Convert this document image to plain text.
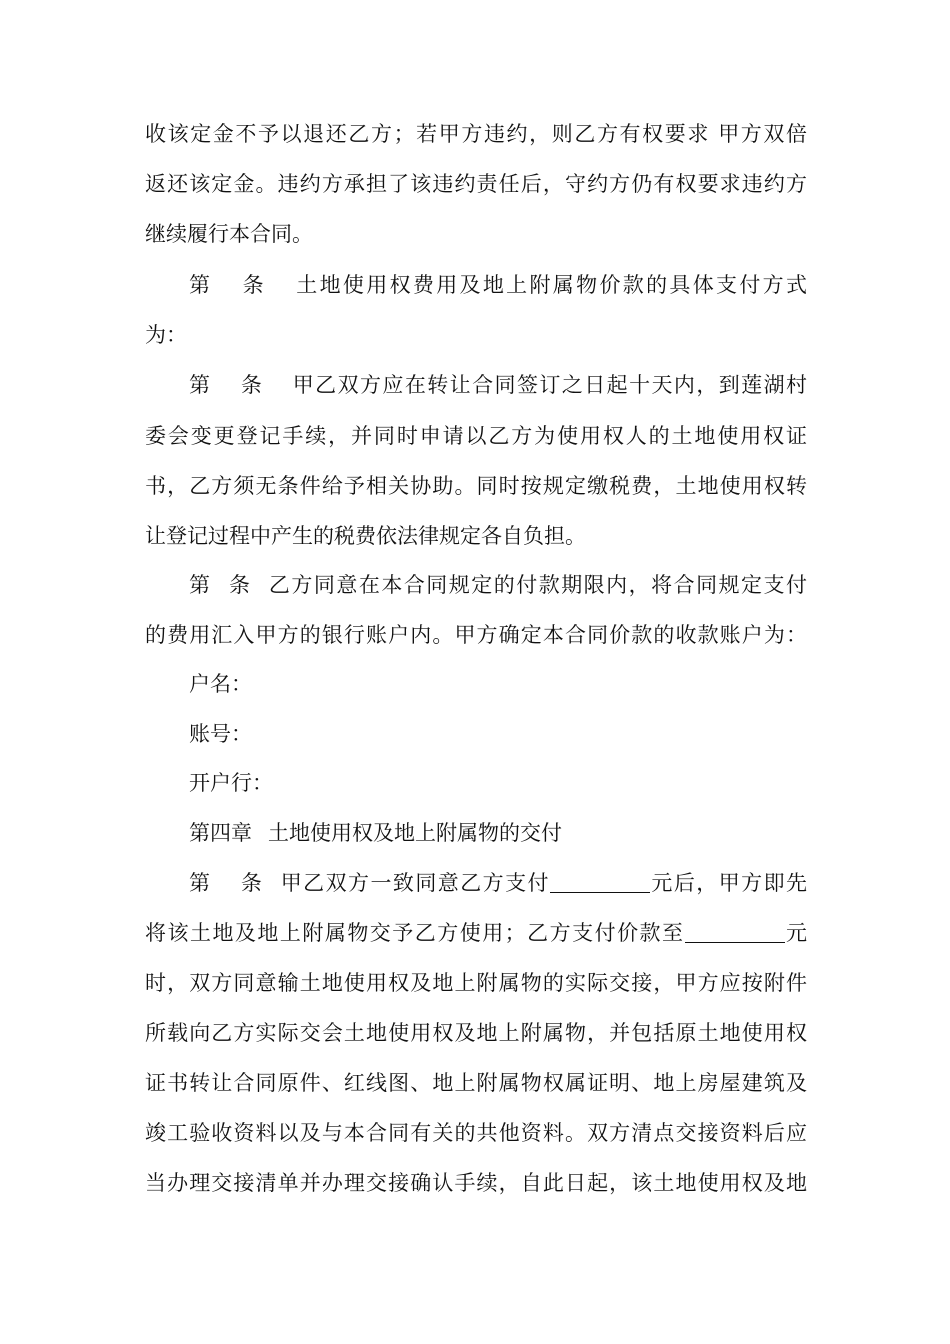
收该定金不予以退还乙方；若甲方违约，则乙方有权要求 甲方双倍
返还该定金。违约方承担了该违约责任后，守约方仍有权要求违约方
继续履行本合同。
第 条 土地使用权费用及地上附属物价款的具体支付方式
为：
第 条 甲乙双方应在转让合同签订之日起十天内，到莲湖村
委会变更登记手续，并同时申请以乙方为使用权人的土地使用权证
书，乙方须无条件给予相关协助。同时按规定缴税费，土地使用权转
让登记过程中产生的税费依法律规定各自负担。
第 条 乙方同意在本合同规定的付款期限内，将合同规定支付
的费用汇入甲方的银行账户内。甲方确定本合同价款的收款账户为：
户名：
账号：
开户行：
第四章 土地使用权及地上附属物的交付
第 条 甲乙双方一致同意乙方支付	元后，甲方即先
将该土地及地上附属物交予乙方使用；乙方支付价款至	元
时，双方同意输土地使用权及地上附属物的实际交接，甲方应按附件
所载向乙方实际交会土地使用权及地上附属物，并包括原土地使用权
证书转让合同原件、红线图、地上附属物权属证明、地上房屋建筑及
竣工验收资料以及与本合同有关的共他资料。双方清点交接资料后应
当办理交接清单并办理交接确认手续，自此日起，该土地使用权及地
